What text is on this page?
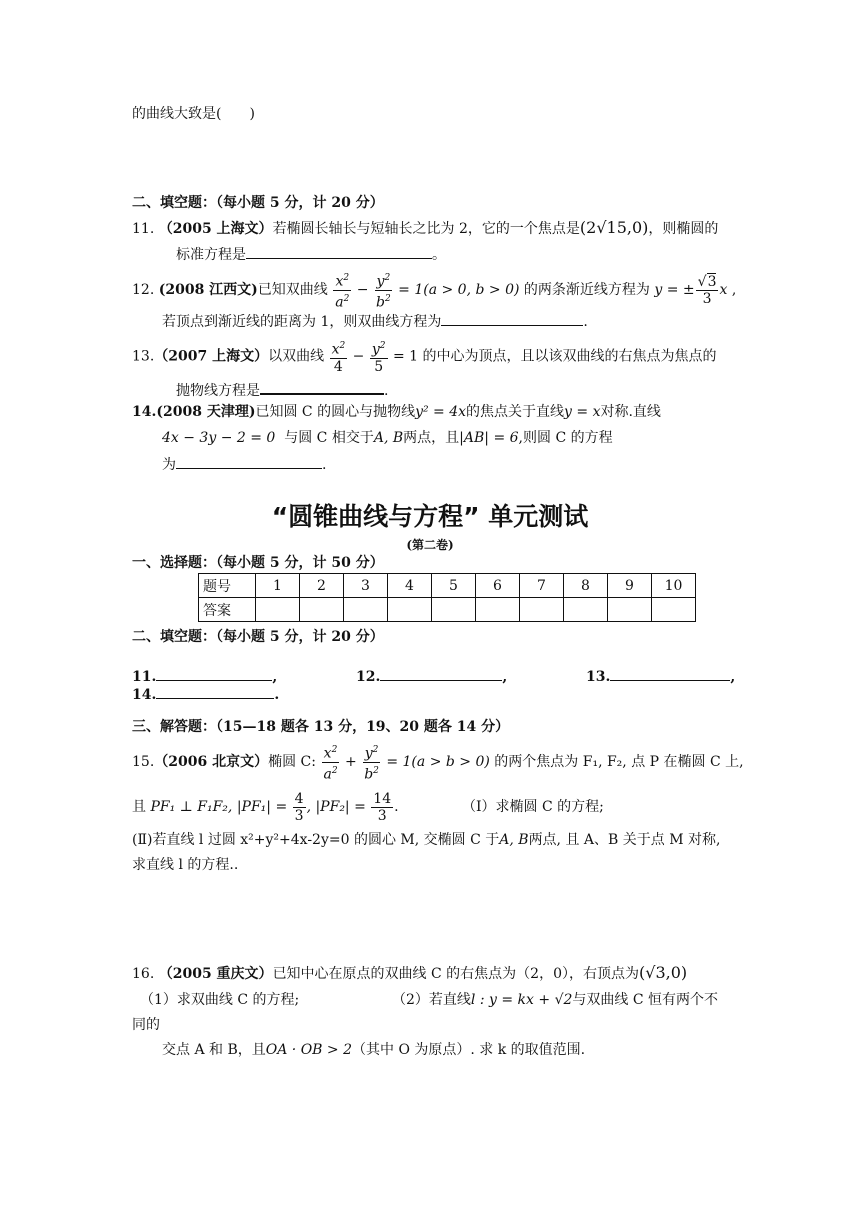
的曲线大致是(　　)
二、填空题：（每小题 5 分，计 20 分）
11. （2005 上海文）若椭圆长轴长与短轴长之比为 2，它的一个焦点是(2√15,0)，则椭圆的
标准方程是	。
12. (2008 江西文)已知双曲线 $\frac{x^2}{a^2} - \frac{y^2}{b^2} = 1(a > 0$, b > 0) 的两条渐近线方程为 y = ± $\frac{√3}{3}$ x ,
若顶点到渐近线的距离为 1，则双曲线方程为	.
13.（2007 上海文）以双曲线 $\frac{x^2}{4} - \frac{y^2}{5} = 1$ 的中心为顶点，且以该双曲线的右焦点为焦点的
抛物线方程是	.
14.(2008 天津理)已知圆 C 的圆心与抛物线y² = 4x的焦点关于直线y = x对称.直线
4x − 3y − 2 = 0 与圆 C 相交于A, B两点，且|AB| = 6,则圆 C 的方程
为	.
“圆锥曲线与方程” 单元测试
(第二卷)
一、选择题：（每小题 5 分，计 50 分）
题号	1	2	3	4	5	6	7	8	9	10
答案										
二、填空题：（每小题 5 分，计 20 分）
11.	,	12.	,	13.	,
14.	.
三、解答题：（15—18 题各 13 分，19、20 题各 14 分）
15.（2006 北京文）椭圆 C: $\frac{x^2}{a^2} + \frac{y^2}{b^2} = 1(a > b > 0)$ 的两个焦点为 F₁, F₂, 点 P 在椭圆 C 上,
且 PF₁ ⊥ F₁F₂, $|PF_1| = \frac{4}{3}$ , $|PF_2| = \frac{14}{3}$ .	（Ⅰ）求椭圆 C 的方程;
(Ⅱ)若直线 l 过圆 x²+y²+4x-2y=0 的圆心 M, 交椭圆 C 于A, B两点, 且 A、B 关于点 M 对称,
求直线 l 的方程..
16. （2005 重庆文）已知中心在原点的双曲线 C 的右焦点为（2，0），右顶点为(√3,0)
（1）求双曲线 C 的方程;	（2）若直线l : y = kx + √2与双曲线 C 恒有两个不
同的
交点 A 和 B，且OA · OB > 2（其中 O 为原点）. 求 k 的取值范围.
